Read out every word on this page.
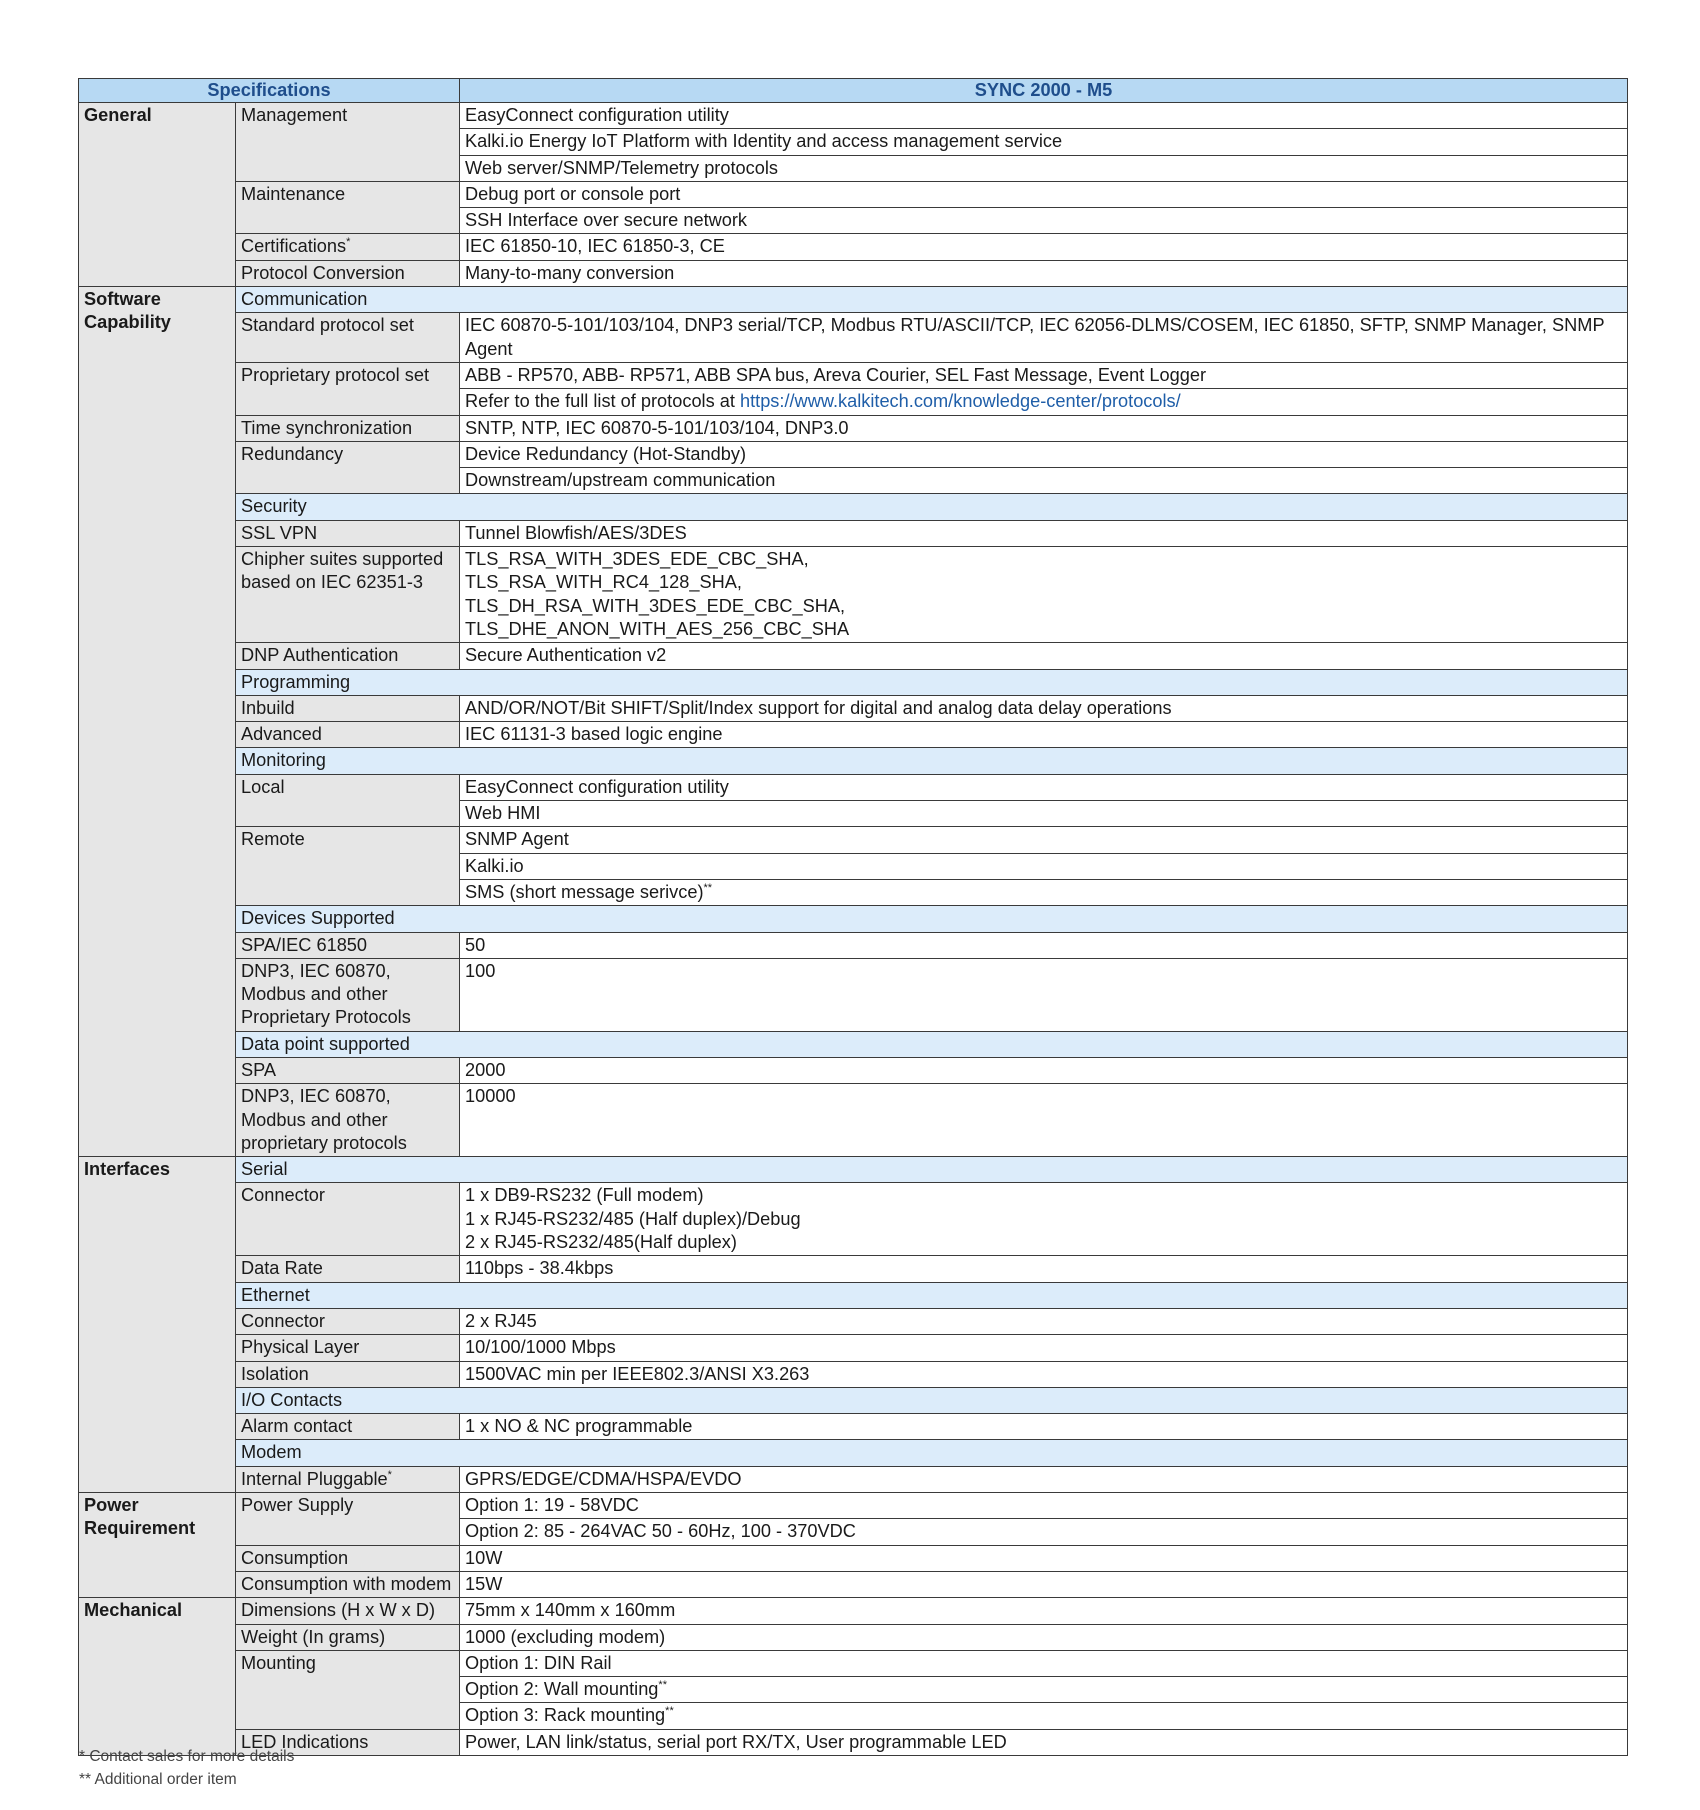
Specifications		SYNC 2000 - M5
General	Management	EasyConnect configuration utility
		Kalki.io Energy IoT Platform with Identity and access management service
		Web server/SNMP/Telemetry protocols
	Maintenance	Debug port or console port
		SSH Interface over secure network
	Certifications*	IEC 61850-10, IEC 61850-3, CE
	Protocol Conversion	Many-to-many conversion
Software Capability	Communication	
	Standard protocol set	IEC 60870-5-101/103/104, DNP3 serial/TCP, Modbus RTU/ASCII/TCP, IEC 62056-DLMS/COSEM, IEC 61850, SFTP, SNMP Manager, SNMP Agent
	Proprietary protocol set	ABB - RP570, ABB- RP571, ABB SPA bus, Areva Courier, SEL Fast Message, Event Logger
		Refer to the full list of protocols at https://www.kalkitech.com/knowledge-center/protocols/
	Time synchronization	SNTP, NTP, IEC 60870-5-101/103/104, DNP3.0
	Redundancy	Device Redundancy (Hot-Standby)
		Downstream/upstream communication
	Security	
	SSL VPN	Tunnel Blowfish/AES/3DES
	Chipher suites supported based on IEC 62351-3	TLS_RSA_WITH_3DES_EDE_CBC_SHA,
TLS_RSA_WITH_RC4_128_SHA,
TLS_DH_RSA_WITH_3DES_EDE_CBC_SHA,
TLS_DHE_ANON_WITH_AES_256_CBC_SHA

	DNP Authentication	Secure Authentication v2
	Programming	
	Inbuild	AND/OR/NOT/Bit SHIFT/Split/Index support for digital and analog data delay operations
	Advanced	IEC 61131-3 based logic engine
	Monitoring	
	Local	EasyConnect configuration utility
		Web HMI
	Remote	SNMP Agent
		Kalki.io
		SMS (short message serivce)**
	Devices Supported	
	SPA/IEC 61850	50
	DNP3, IEC 60870, Modbus and other Proprietary Protocols	100
	Data point supported	
	SPA	2000
	DNP3, IEC 60870, Modbus and other proprietary protocols	10000
Interfaces	Serial	
	Connector	1 x DB9-RS232 (Full modem)
1 x RJ45-RS232/485 (Half duplex)/Debug
2 x RJ45-RS232/485(Half duplex)

	Data Rate	110bps - 38.4kbps
	Ethernet	
	Connector	2 x RJ45
	Physical Layer	10/100/1000 Mbps
	Isolation	1500VAC min per IEEE802.3/ANSI X3.263
	I/O Contacts	
	Alarm contact	1 x NO & NC programmable
	Modem	
	Internal Pluggable*	GPRS/EDGE/CDMA/HSPA/EVDO
Power Requirement	Power Supply	Option 1: 19 - 58VDC
		Option 2: 85 - 264VAC 50 - 60Hz, 100 - 370VDC
	Consumption	10W
	Consumption with modem	15W
Mechanical	Dimensions (H x W x D)	75mm x 140mm x 160mm
	Weight (In grams)	1000 (excluding modem)
	Mounting	Option 1: DIN Rail
		Option 2: Wall mounting**
		Option 3: Rack mounting**
	LED Indications	Power, LAN link/status, serial port RX/TX, User programmable LED
* Contact sales for more details
** Additional order item
